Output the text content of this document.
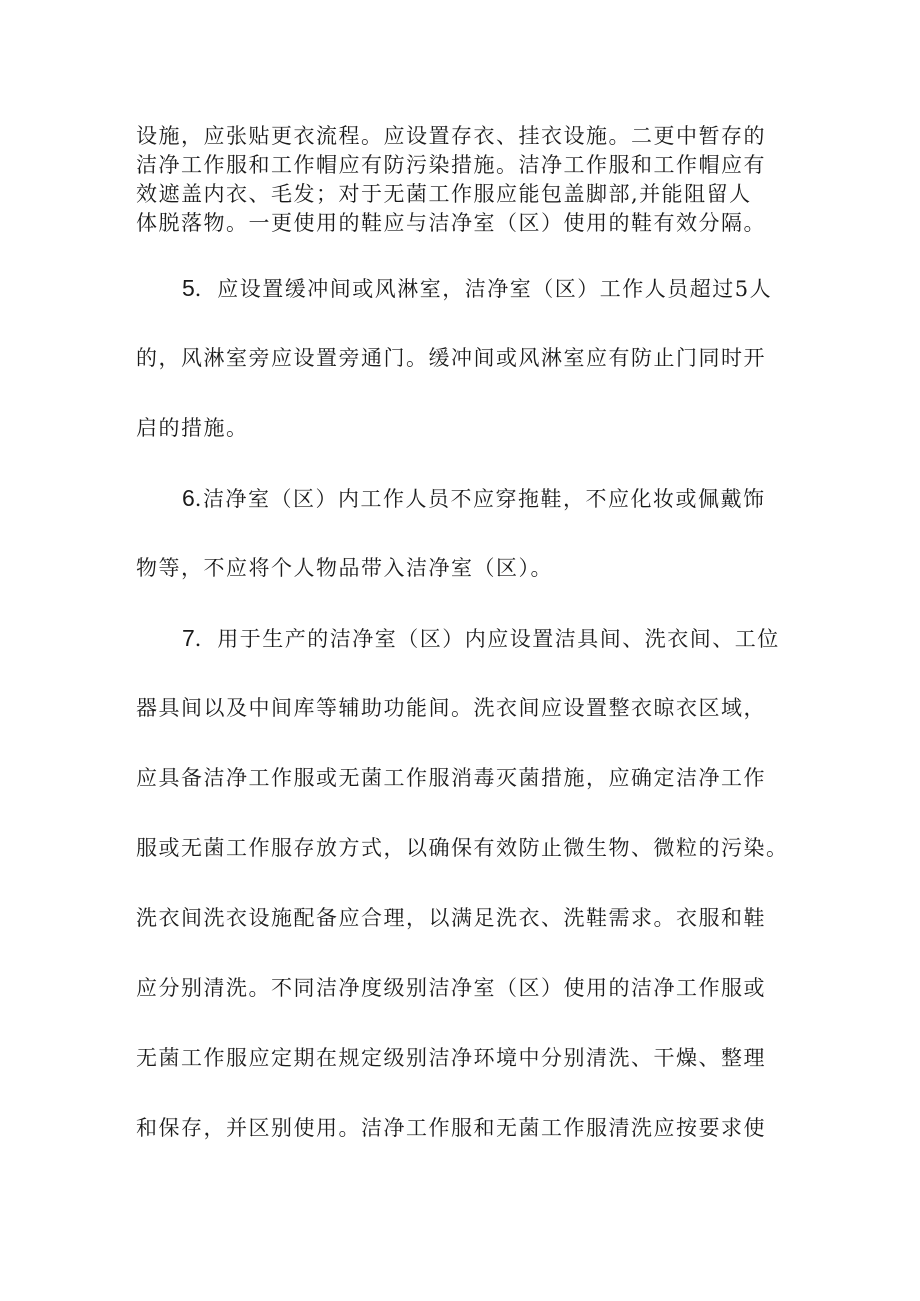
设施，应张贴更衣流程。应设置存衣、挂衣设施。二更中暂存的
洁净工作服和工作帽应有防污染措施。洁净工作服和工作帽应有
效遮盖内衣、毛发；对于无菌工作服应能包盖脚部,并能阻留人
体脱落物。一更使用的鞋应与洁净室（区）使用的鞋有效分隔。
5．应设置缓冲间或风淋室，洁净室（区）工作人员超过5人
的，风淋室旁应设置旁通门。缓冲间或风淋室应有防止门同时开
启的措施。
6.洁净室（区）内工作人员不应穿拖鞋，不应化妆或佩戴饰
物等，不应将个人物品带入洁净室（区）。
7．用于生产的洁净室（区）内应设置洁具间、洗衣间、工位
器具间以及中间库等辅助功能间。洗衣间应设置整衣晾衣区域，
应具备洁净工作服或无菌工作服消毒灭菌措施，应确定洁净工作
服或无菌工作服存放方式，以确保有效防止微生物、微粒的污染。
洗衣间洗衣设施配备应合理，以满足洗衣、洗鞋需求。衣服和鞋
应分别清洗。不同洁净度级别洁净室（区）使用的洁净工作服或
无菌工作服应定期在规定级别洁净环境中分别清洗、干燥、整理
和保存，并区别使用。洁净工作服和无菌工作服清洗应按要求使
